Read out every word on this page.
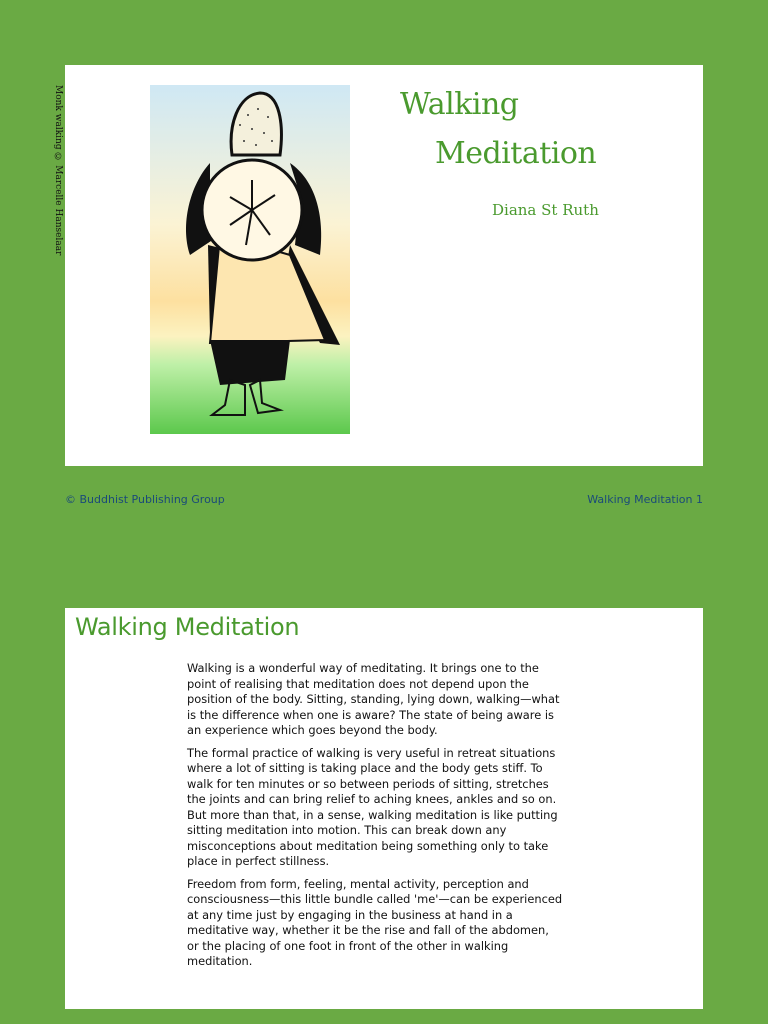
Monk walking © Marcelle Hanselaar	Walking
Meditation
Diana St Ruth
© Buddhist Publishing Group	Walking Meditation 1
Walking Meditation

Walking is a wonderful way of meditating. It brings one to the point of realising that meditation does not depend upon the position of the body. Sitting, standing, lying down, walking—what is the difference when one is aware? The state of being aware is an experience which goes beyond the body.

The formal practice of walking is very useful in retreat situations where a lot of sitting is taking place and the body gets stiff. To walk for ten minutes or so between periods of sitting, stretches the joints and can bring relief to aching knees, ankles and so on. But more than that, in a sense, walking meditation is like putting sitting meditation into motion. This can break down any misconceptions about meditation being something only to take place in perfect stillness.

Freedom from form, feeling, mental activity, perception and consciousness—this little bundle called 'me'—can be experienced at any time just by engaging in the business at hand in a meditative way, whether it be the rise and fall of the abdomen, or the placing of one foot in front of the other in walking meditation.
